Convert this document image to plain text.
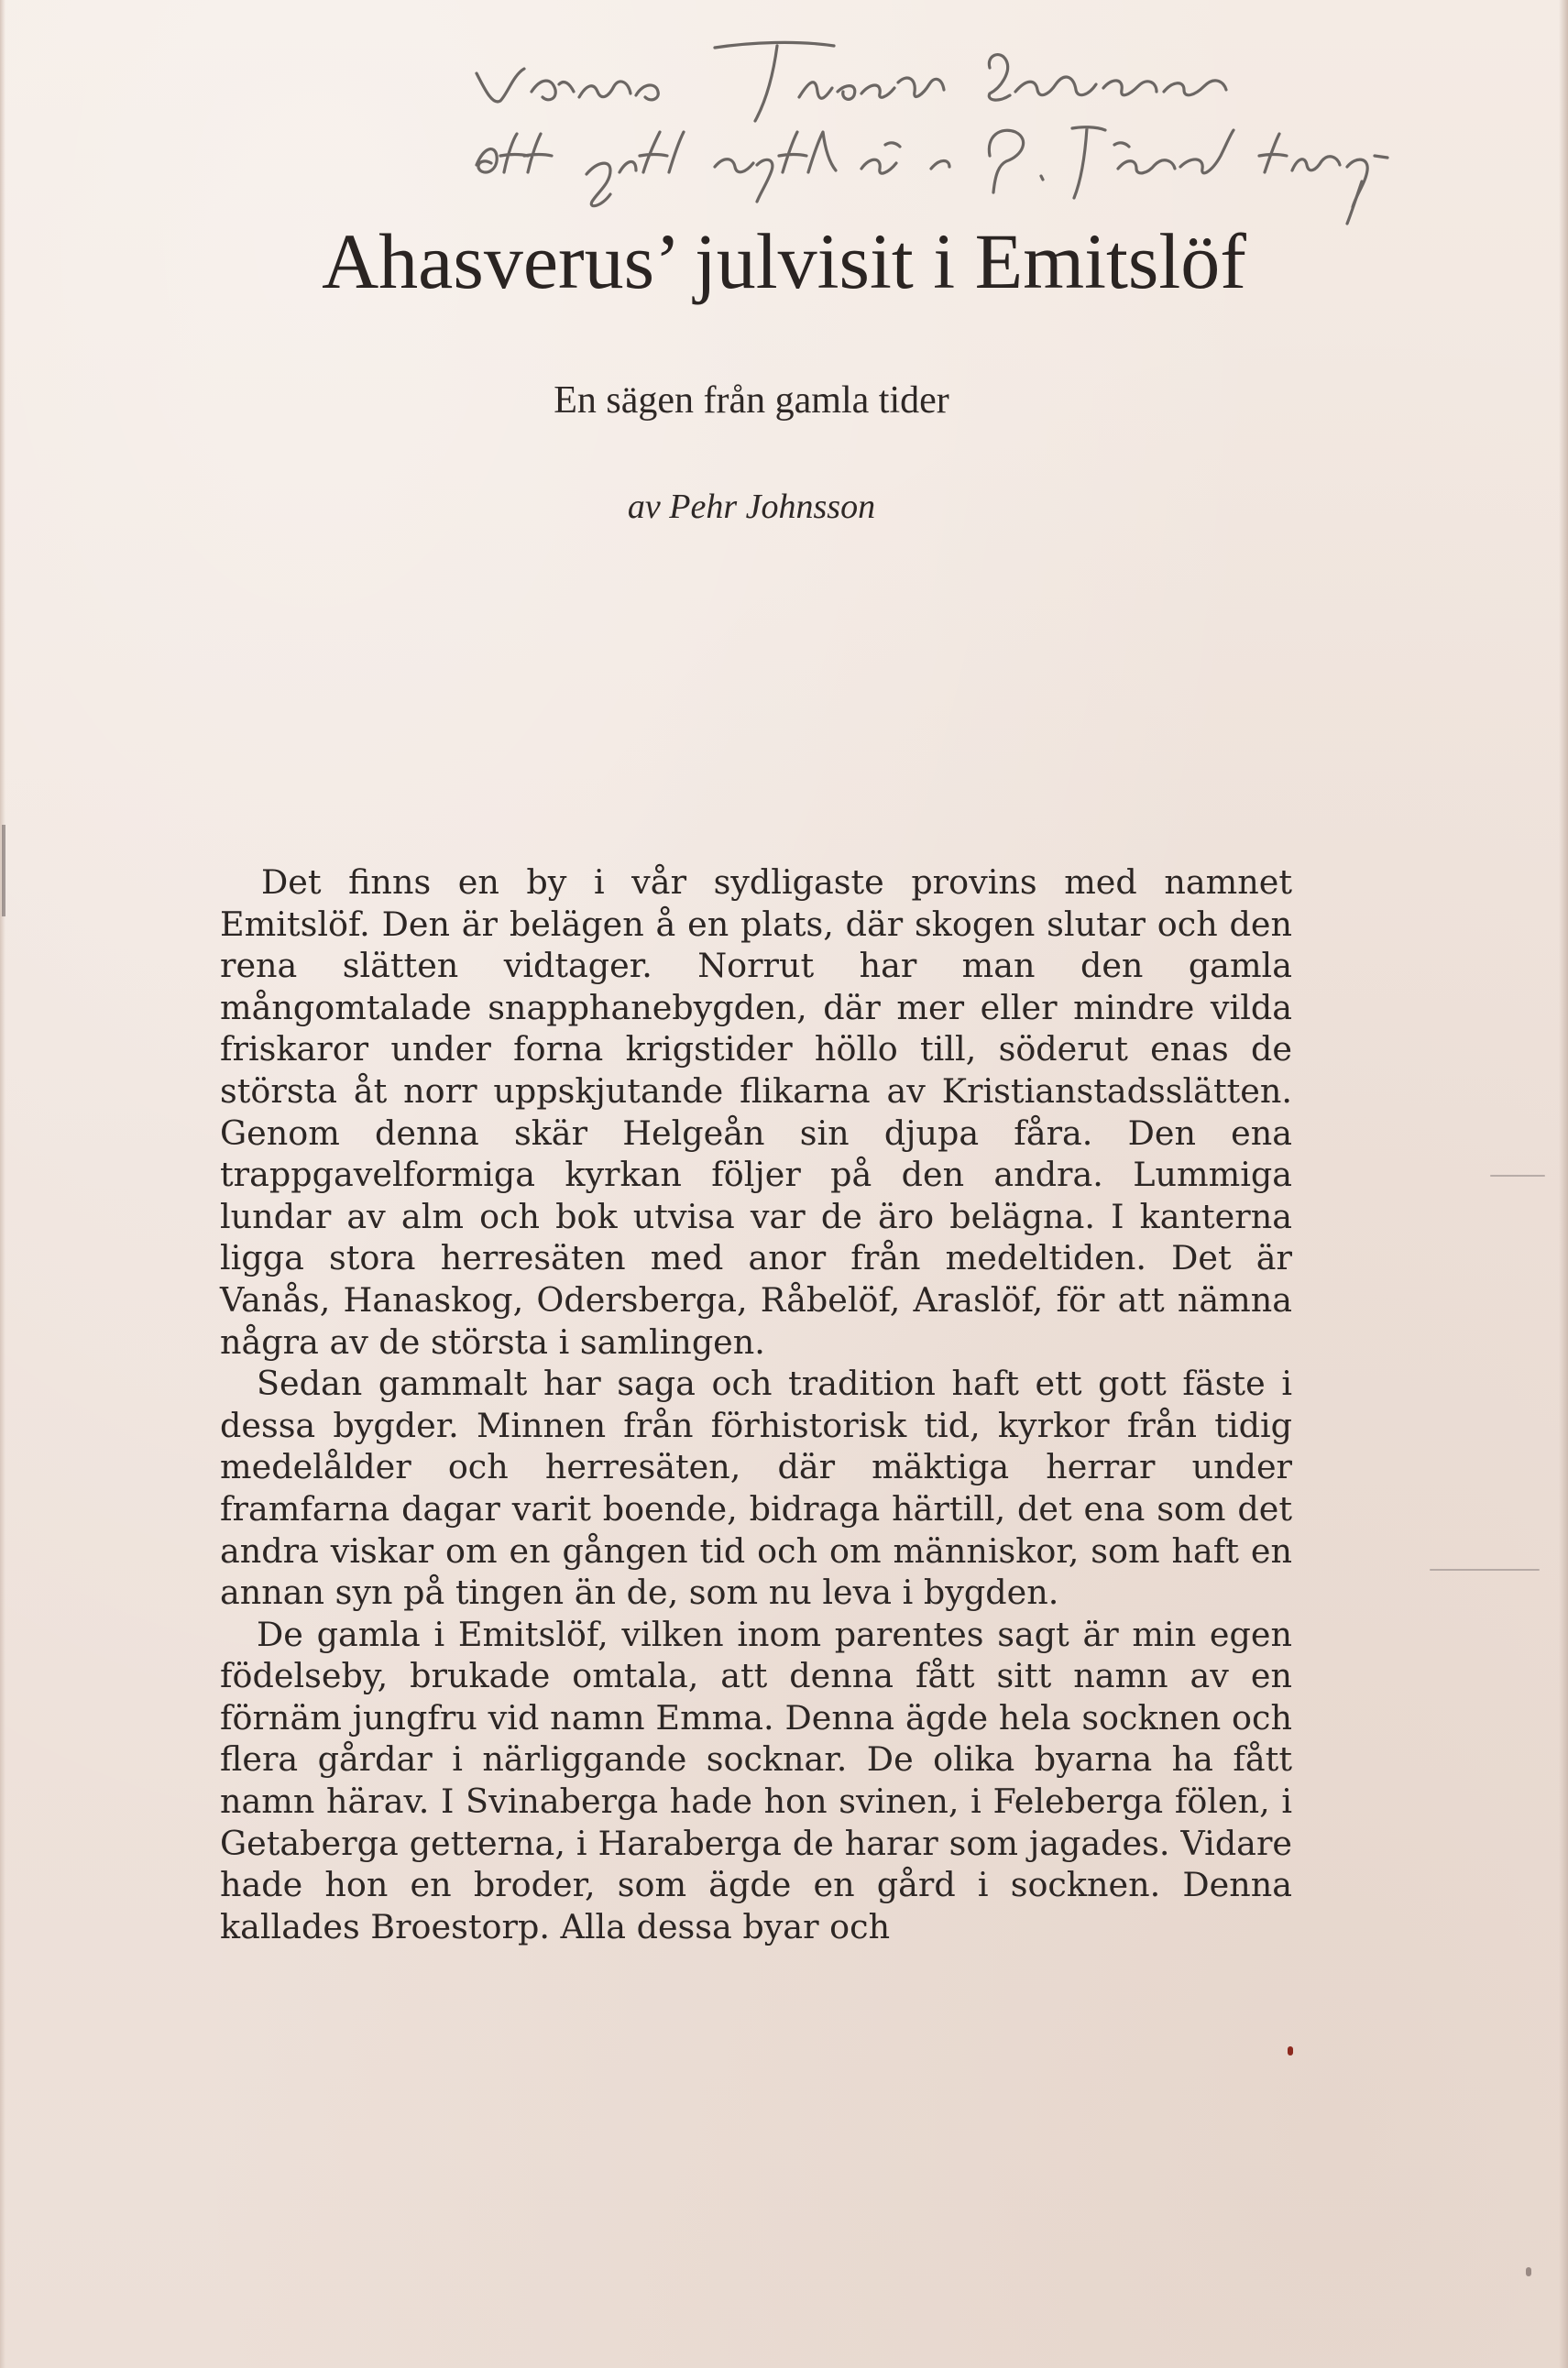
Ahasverus’ julvisit i Emitslöf
En sägen från gamla tider
av Pehr Johnsson

Det finns en by i vår sydligaste provins med namnet Emitslöf. Den är belägen å en plats, där skogen slutar och den rena slätten vidtager. Norrut har man den gamla mångomtalade snapphanebygden, där mer eller mindre vilda friskaror under forna krigstider höllo till, söderut enas de största åt norr uppskjutande flikarna av Kristianstadsslätten. Genom denna skär Helgeån sin djupa fåra. Den ena trappgavelformiga kyrkan följer på den andra. Lummiga lundar av alm och bok utvisa var de äro belägna. I kanterna ligga stora herresäten med anor från medeltiden. Det är Vanås, Hanaskog, Odersberga, Råbelöf, Araslöf, för att nämna några av de största i samlingen.

Sedan gammalt har saga och tradition haft ett gott fäste i dessa bygder. Minnen från förhistorisk tid, kyrkor från tidig medelålder och herresäten, där mäktiga herrar under framfarna dagar varit boende, bidraga härtill, det ena som det andra viskar om en gången tid och om människor, som haft en annan syn på tingen än de, som nu leva i bygden.

De gamla i Emitslöf, vilken inom parentes sagt är min egen födelseby, brukade omtala, att denna fått sitt namn av en förnäm jungfru vid namn Emma. Denna ägde hela socknen och flera gårdar i närliggande socknar. De olika byarna ha fått namn härav. I Svinaberga hade hon svinen, i Feleberga fölen, i Getaberga getterna, i Haraberga de harar som jagades. Vidare hade hon en broder, som ägde en gård i socknen. Denna kallades Broestorp. Alla dessa byar och
